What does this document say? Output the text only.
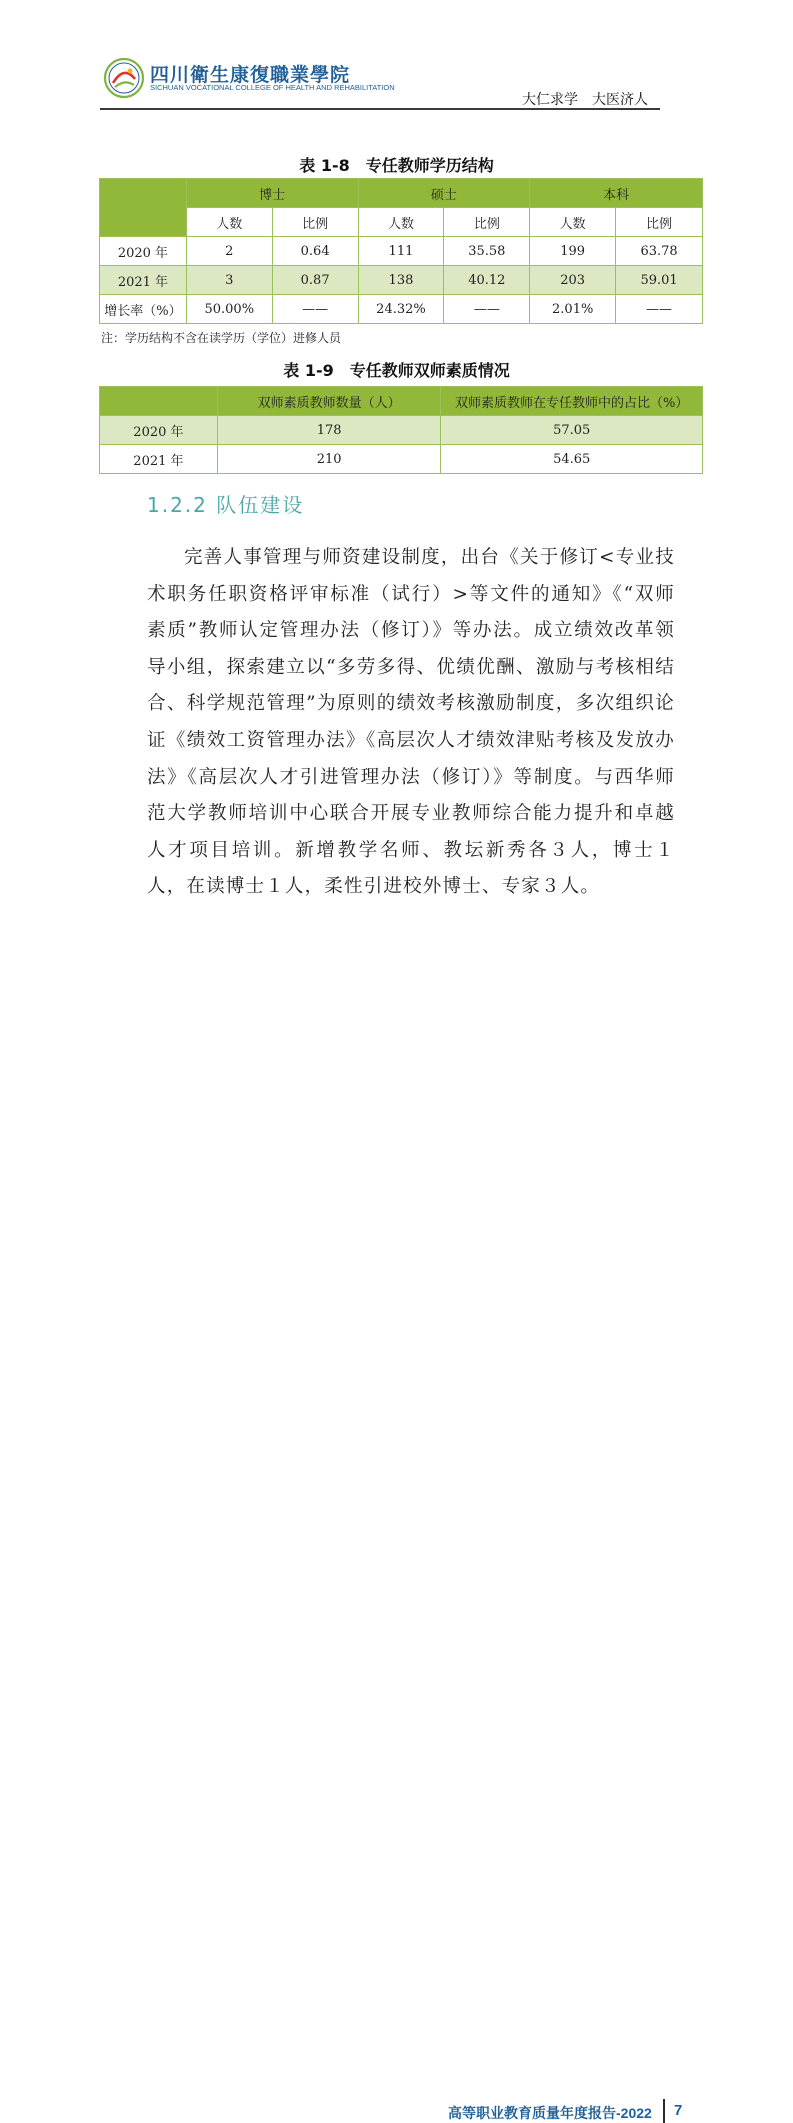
四川衛生康復職業學院
SICHUAN VOCATIONAL COLLEGE OF HEALTH AND REHABILITATION
大仁求学　大医济人
表 1-8　专任教师学历结构
	博士		硕士		本科	
	人数	比例	人数	比例	人数	比例
2020 年	2	0.64	111	35.58	199	63.78
2021 年	3	0.87	138	40.12	203	59.01
增长率（%）	50.00%	——	24.32%	——	2.01%	——
注：学历结构不含在读学历（学位）进修人员
表 1-9　专任教师双师素质情况
	双师素质教师数量（人）	双师素质教师在专任教师中的占比（%）
2020 年	178	57.05
2021 年	210	54.65
1.2.2 队伍建设
完善人事管理与师资建设制度，出台《关于修订<专业技术职务任职资格评审标准（试行）>等文件的通知》《“双师素质”教师认定管理办法（修订）》等办法。成立绩效改革领导小组，探索建立以“多劳多得、优绩优酬、激励与考核相结合、科学规范管理”为原则的绩效考核激励制度，多次组织论证《绩效工资管理办法》《高层次人才绩效津贴考核及发放办法》《高层次人才引进管理办法（修订）》等制度。与西华师范大学教师培训中心联合开展专业教师综合能力提升和卓越人才项目培训。新增教学名师、教坛新秀各３人，博士１人，在读博士１人，柔性引进校外博士、专家３人。
高等职业教育质量年度报告-2022 7
